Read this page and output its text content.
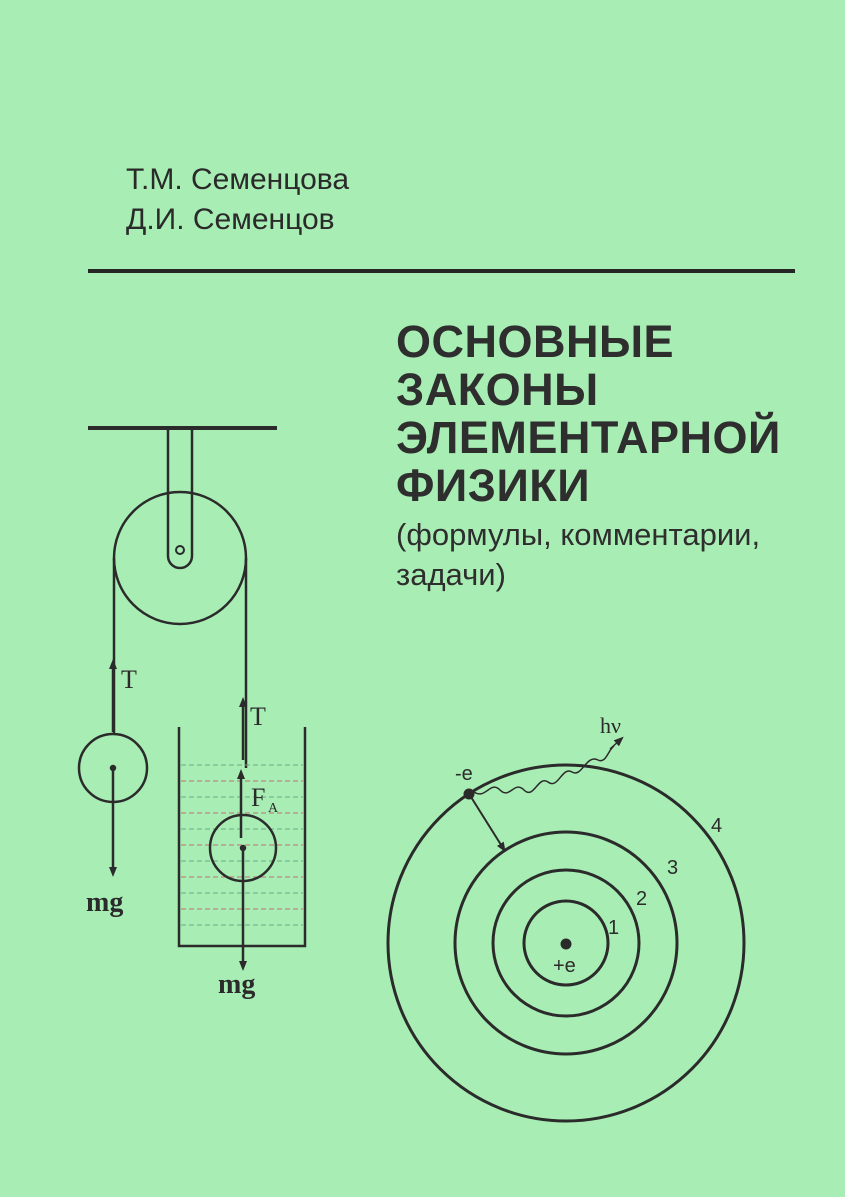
Т.М. Семенцова
Д.И. Семенцов
ОСНОВНЫЕ
ЗАКОНЫ
ЭЛЕМЕНТАРНОЙ
ФИЗИКИ
(формулы, комментарии,
задачи)
T
T
mg
mg
F A
hν
-e
+e
1
2
3
4
